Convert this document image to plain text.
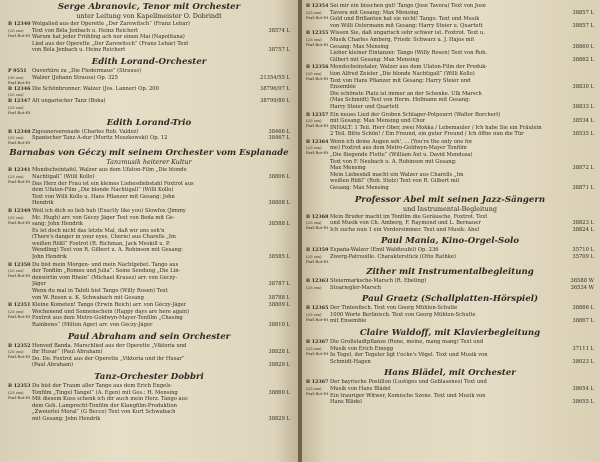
Serge Abranovic, Tenor mit Orchester
unter Leitung von Kapellmeister O. Dobrindt
B 12340
(25 cm) Parl.Rot-Et
Wolgalied aus der Operette „Der Zarewitsch“ (Franz Lehár)
Text von Béla Jenbach u. Heinz Reichert	38574 L
Warum hat jeder Frühling ach nur einen Mai (Napolitana)
Lied aus der Operette „Der Zarewitsch“ (Franz Lehár) Text
von Béla Jenbach u. Heinz Reichert	38757 L
Edith Lorand-Orchester
P 9551
(30 cm) Parl.Rot-Et
Ouvertüre zu „Die Fledermaus“ (Strauss)
Walzer (Johann Strauss) Op. 325	21354/55 L
B 12346
(25 cm)
Die Schönbrunner. Walzer (Jos. Lanner) Op. 200	38796/97 L
B 12347
(25 cm) Parl.Rot-Et
Alt ungarischer Tanz (Boka)	38799/80 L
Edith Lorand-Trio
B 12348
(25 cm) Parl.Rot-Et
Zigeunerserenade (Charles Rob. Valdez)	38466 L
Spanischer Tanz A-dur (Moritz Moszkowski) Op. 12	38467 L
Barnabas von Géczy mit seinem Orchester vom Esplanade
Tanzmusik heiterer Kultur
B 12341
(25 cm) Parl.Rot-Et
Mondscheintafel, Walzer aus dem Ufaton-Film „Die blonde
Nachtigall“ (Willi Kollo)	38806 L
Das Herz der Frau ist ein kleines Liebesdiebstahl Foxtrot aus
dem Ufaton-Film „Die blonde Nachtigall“ (Willi Kollo)
Text von Willi Kollo u. Hans Pflanzer mit Gesang: John
Hendrik	38808 L
B 12349
(25 cm) Parl.Rot-Et
Weil ich dich so lieb hab (Exactly like you) Slowfox (Jimmy
Mc. Hugh) arr. von Géczy Jäger Text von Beda mit Ge-
sang: John Hendrik	38588 L
Es ist doch nicht das letzte Mal, daß wir uns seh'n
(There's danger in your eyes, Chérie) aus Charells „Im
weißen Rößl“ Foxtrot (R. Richman, Jack Meskill u. P.
Wendling) Text von R. Gilbert u. A. Robinson mit Gesang:
John Hendrik	38585 L
B 12350
(25 cm) Parl.Rot-Et
Du bist mein Morgen- und mein Nachtgebet. Tango aus
der Tonfilm „Romeo und Julia“. Seine Sendung „Die Lin-
denwirtin vom Rhein“ (Michael Krausz) arr. von Géczy-
Jäger	38787 L
Wenn du mal in Tahiti bist Tango (Willy Rosen) Text
von W. Rosen u. K. Schwabach mit Gesang	38788 L
B 12351
(25 cm) Parl.Rot-Et
Kleine Kometen! Tango (Erwin Reich) arr. von Géczy-Jäger	38809 L
Wochenend und Sonnenschein (Happy days are here again)
Foxtrot aus dem Metro-Goldwyn-Mayer-Tonfilm „Chasing
Rainbows“ (Milton Ager) arr. von Géczy-Jäger	38810 L
Paul Abraham and sein Orchester
B 12352
(25 cm) Parl.Rot-Et
Honved Banda. Marschlied aus der Operette „Viktoria und
ihr Husar“ (Paul Abraham)	38828 L
Do. Do. Foxtrot aus der Operette „Viktoria und ihr Husar“
(Paul Abraham)	38829 L
Tanz-Orchester Dobbri
B 12353
(25 cm) Parl.Rot-Et
Du bist der Traum aller Tango aus dem Erich Engels-
Tonfilm „Tingel Tangel“ (A. Egen) mit Ges.: H. Mensing	38860 L
Mit diesem Kuss schenk ich dir auch mein Herz. Tango aus
dem Geh. Lamprecht-Tonfilm der Klangfilm-Produktion
„Zweierlei Moral“ (G Becce) Text von Kurt Schwabach
mit Gesang: John Hendrik	38829 L
B 12354
(25 cm) Parl.Rot-Et
Sei mir ein bisschen gut! Tango (José Tavera) Text von José
Tavera mit Gesang: Max Mensing	38857 L
Gold und Brillanten hat sie nicht! Tango. Text und Musik
von Willi Ostermann mit Gesang: Harry Steier u. Quartett	38857 L
B 12355
(25 cm) Parl.Rot-Et
Wissen Sie, daß ungarisch sehr schwer ist. Foxtrot. Text u.
Musik Charles Amberg, Friedr. Schwarz u. J. Hajos mit
Gesang: Max Mensing	38860 L
Lieber kleiner Eintanzer. Tango (Willy Rosen) Text von Rob.
Gilbert mit Gesang: Max Mensing	38862 L
B 12356
(25 cm) Parl.Rot-Et
Mondscheinstaler, Walzer aus dem Ulaton-Film der Produk-
tion Alfred Zeisler „Die blonde Nachtigall“ (Willi Kollo)
Text von Hans Pflanzer mit Gesang: Harry Steier und
Ensemble	38830 L
Die schönste Platz ist immer an der Schenke. Ulk Marsch
(Max Schmidt) Text von Herm. Hofmann mit Gesang:
Harry Steier und Quartett	38833 L
B 12357
(25 cm) Parl.Rot-Et
Ein neues Lied der Groben Schlager-Potpourri (Walter Borchert)
mit Gesang: Max Mensing und Chor	38534 L
INHALT: 1 Teil. Herr Ober, zwei Mokka / Lebemauler / Ich habe Sie ein Fräulein
2 Teil. Bitte Schön! / Ein Freund, ein guter Freund / Ich öffne nun die Tür	38535 L
B 12364
(25 cm) Parl.Rot-Et
Wenn ich deine Augen seh', ... (You're the only one for
me) Foxtrot aus dem Metro-Goldwyn-Mayer Tonfilm
„Die fliegende Flotte“ (William Axt u. David Mendoza)
Text von F. Neubach u. A. Robinson mit Gesang:
Max Mensing	38872 L
Mein Liebesfall macht ein Walzer aus Charells „Im
weißen Rößl“ (Rob. Stolz) Text von R. Gilbert mit
Gesang: Max Mensing	38871 L
Professor Abel mit seinen Jazz-Sängern
und Instrumental-Begleitung
B 12368
(25 cm) Parl.Rot-Et
Mein Bruder macht im Tonfilm die Geräusche, Foxtrot. Text
und Musik von Ch. Amberg, F. Raymond und L. Bernauer	38823 L
Ich suche nun 1 ein Vordersimmer. Text und Musik: Abel	38824 L
Paul Mania, Kino-Orgel-Solo
B 12359
(25 cm) Parl.Rot-Et
España-Walzer (Emil Waldteufel) Op. 236	35710 L
Zwerg-Patrouille. Charakterstück (Otto Rathke)	35709 L
Zither mit Instrumentalbegleitung
B 12363
(25 cm)
Steiermarksche-Marsch (R. Ebeling)	36588 W
Stoariegler-Marsch	36534 W
Paul Graetz (Schallplatten-Hörspiel)
B 12365
(25 cm) Parl.Rot-Et
Der Tintenfisch. Text von Georg Mühlen-Schulte	38866 L
1000 Worte Berlinisch. Text von Georg Mühlen-Schulte
mit Ensemble	38867 L
Claire Waldoff, mit Klavierbegleitung
B 12367
(25 cm) Parl.Rot-Et
Die Großstadtpflanze (Rene, meine, mang mang) Text und
Musik von Erich Einegg	37111 L
In Tegel, der Tegeler ligt t'ocke's Vögel. Text und Musik von
Schmidt-Hagen	38023 L
Hans Blädel, mit Orchester
B 12367
(25 cm) Parl.Rot-Et
Der bayrische Postillon (Lustiges und Geblasenes) Text und
Musik von Hans Blädel	38654 L
Ein trauriger Witwer, Komische Szene. Text und Musik von
Hans Blädel	38655 L
